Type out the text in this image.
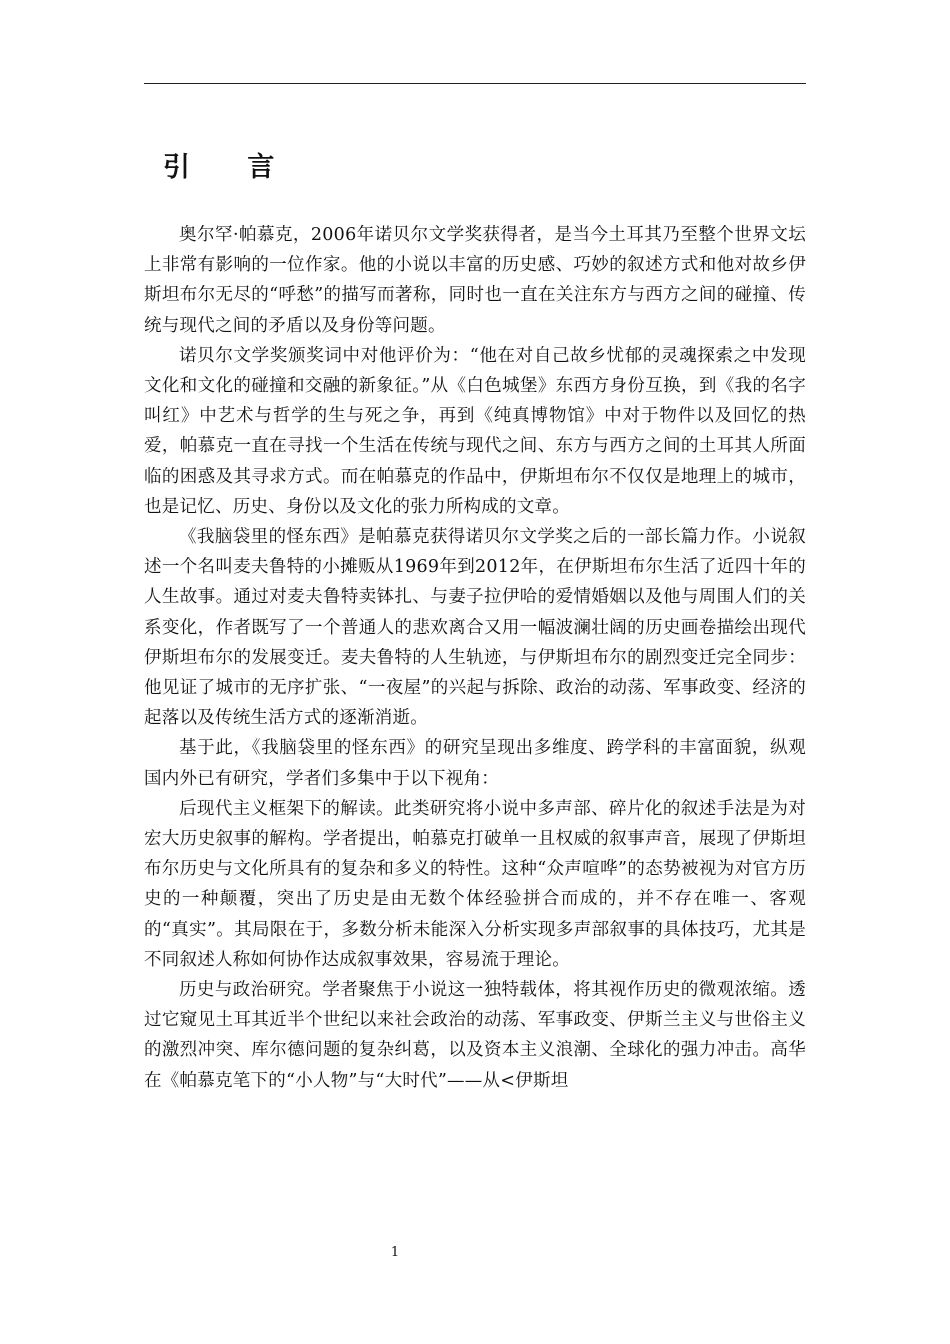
引 言

奥尔罕·帕慕克，2006年诺贝尔文学奖获得者，是当今土耳其乃至整个世界文坛上非常有影响的一位作家。他的小说以丰富的历史感、巧妙的叙述方式和他对故乡伊斯坦布尔无尽的“呼愁”的描写而著称，同时也一直在关注东方与西方之间的碰撞、传统与现代之间的矛盾以及身份等问题。

诺贝尔文学奖颁奖词中对他评价为：“他在对自己故乡忧郁的灵魂探索之中发现文化和文化的碰撞和交融的新象征。”从《白色城堡》东西方身份互换，到《我的名字叫红》中艺术与哲学的生与死之争，再到《纯真博物馆》中对于物件以及回忆的热爱，帕慕克一直在寻找一个生活在传统与现代之间、东方与西方之间的土耳其人所面临的困惑及其寻求方式。而在帕慕克的作品中，伊斯坦布尔不仅仅是地理上的城市，也是记忆、历史、身份以及文化的张力所构成的文章。

《我脑袋里的怪东西》是帕慕克获得诺贝尔文学奖之后的一部长篇力作。小说叙述一个名叫麦夫鲁特的小摊贩从1969年到2012年，在伊斯坦布尔生活了近四十年的人生故事。通过对麦夫鲁特卖钵扎、与妻子拉伊哈的爱情婚姻以及他与周围人们的关系变化，作者既写了一个普通人的悲欢离合又用一幅波澜壮阔的历史画卷描绘出现代伊斯坦布尔的发展变迁。麦夫鲁特的人生轨迹，与伊斯坦布尔的剧烈变迁完全同步：他见证了城市的无序扩张、“一夜屋”的兴起与拆除、政治的动荡、军事政变、经济的起落以及传统生活方式的逐渐消逝。

基于此，《我脑袋里的怪东西》的研究呈现出多维度、跨学科的丰富面貌，纵观国内外已有研究，学者们多集中于以下视角：

后现代主义框架下的解读。此类研究将小说中多声部、碎片化的叙述手法是为对宏大历史叙事的解构。学者提出，帕慕克打破单一且权威的叙事声音，展现了伊斯坦布尔历史与文化所具有的复杂和多义的特性。这种“众声喧哗”的态势被视为对官方历史的一种颠覆，突出了历史是由无数个体经验拼合而成的，并不存在唯一、客观的“真实”。其局限在于，多数分析未能深入分析实现多声部叙事的具体技巧，尤其是不同叙述人称如何协作达成叙事效果，容易流于理论。

历史与政治研究。学者聚焦于小说这一独特载体，将其视作历史的微观浓缩。透过它窥见土耳其近半个世纪以来社会政治的动荡、军事政变、伊斯兰主义与世俗主义的激烈冲突、库尔德问题的复杂纠葛，以及资本主义浪潮、全球化的强力冲击。高华在《帕慕克笔下的“小人物”与“大时代”——从<伊斯坦

1
